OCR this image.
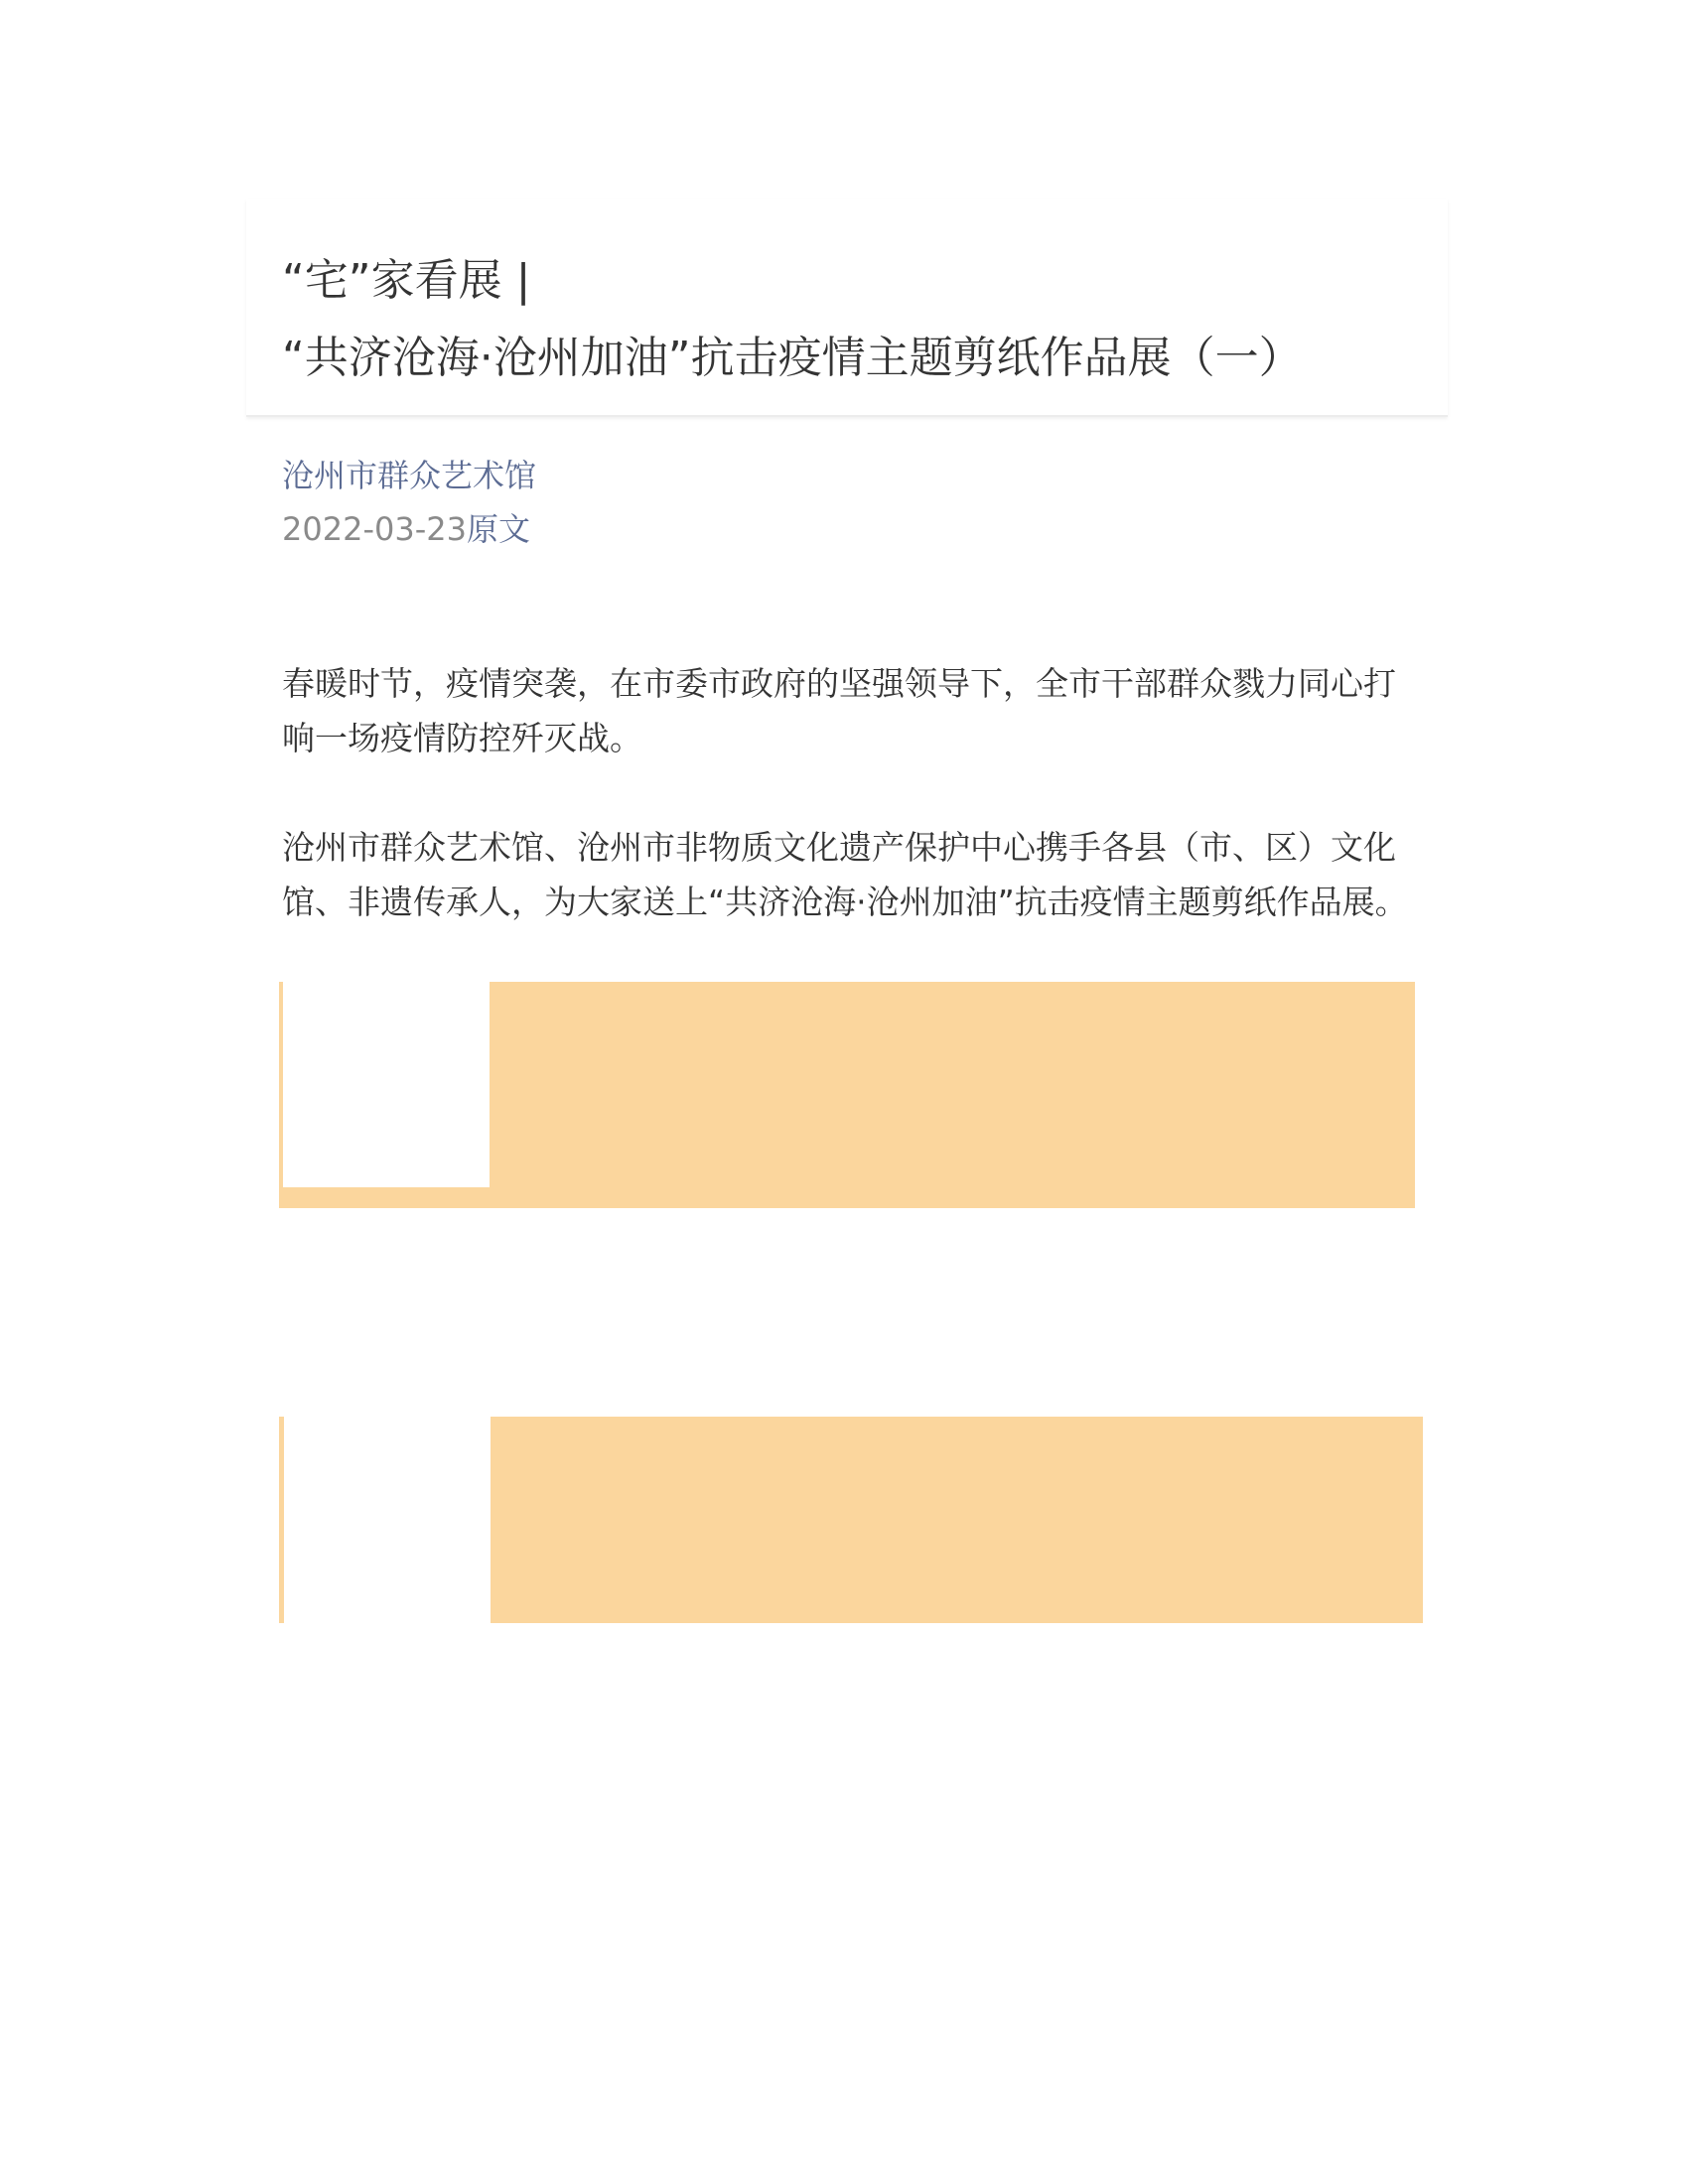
“宅”家看展 |
“共济沧海·沧州加油”抗击疫情主题剪纸作品展（一）
沧州市群众艺术馆
2022-03-23原文
春暖时节，疫情突袭，在市委市政府的坚强领导下，全市干部群众戮力同心打响一场疫情防控歼灭战。
沧州市群众艺术馆、沧州市非物质文化遗产保护中心携手各县（市、区）文化馆、非遗传承人，为大家送上“共济沧海·沧州加油”抗击疫情主题剪纸作品展。
